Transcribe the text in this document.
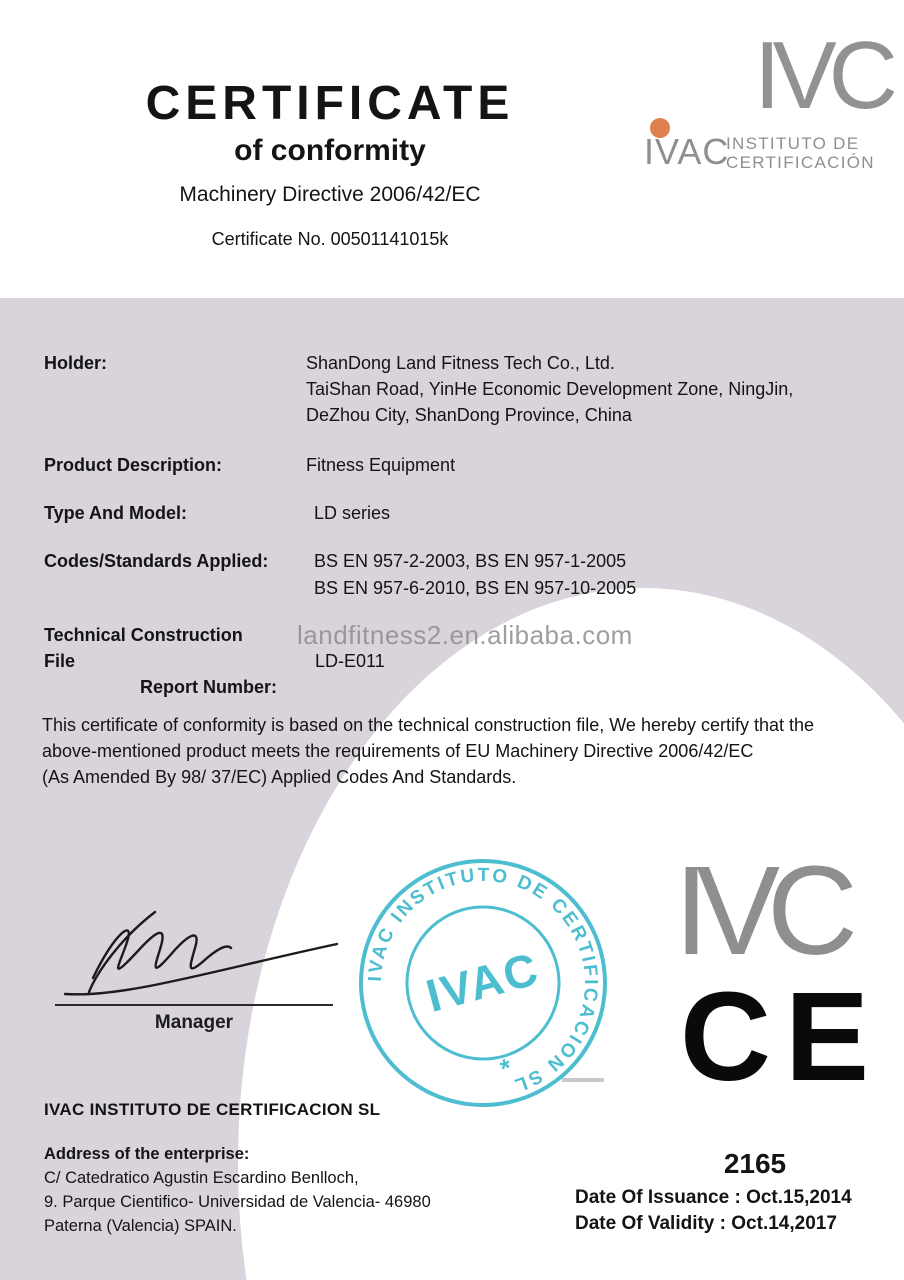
CERTIFICATE
of conformity
Machinery Directive 2006/42/EC
Certificate No. 00501141015k
IVC
IVAC
INSTITUTO DE
CERTIFICACIÓN
Holder:	ShanDong Land Fitness Tech Co., Ltd.
TaiShan Road, YinHe Economic Development Zone, NingJin,
DeZhou City, ShanDong Province, China
Product Description:	Fitness Equipment
Type And Model:	LD series
Codes/Standards Applied:	BS EN 957-2-2003, BS EN 957-1-2005
BS EN 957-6-2010, BS EN 957-10-2005
Technical Construction File
Report Number:
LD-E011
landfitness2.en.alibaba.com
This certificate of conformity is based on the technical construction file, We hereby certify that the
above-mentioned product meets the requirements of EU Machinery Directive 2006/42/EC
(As Amended By 98/ 37/EC) Applied Codes And Standards.
Manager
IVAC INSTITUTO DE CERTIFICACION SL
IVAC
*
IVC
CE
IVAC INSTITUTO DE CERTIFICACION SL
Address of the enterprise:
C/ Catedratico Agustin Escardino Benlloch,
9. Parque Cientifico- Universidad de Valencia- 46980
Paterna (Valencia) SPAIN.
2165
Date Of Issuance : Oct.15,2014
Date Of Validity : Oct.14,2017
